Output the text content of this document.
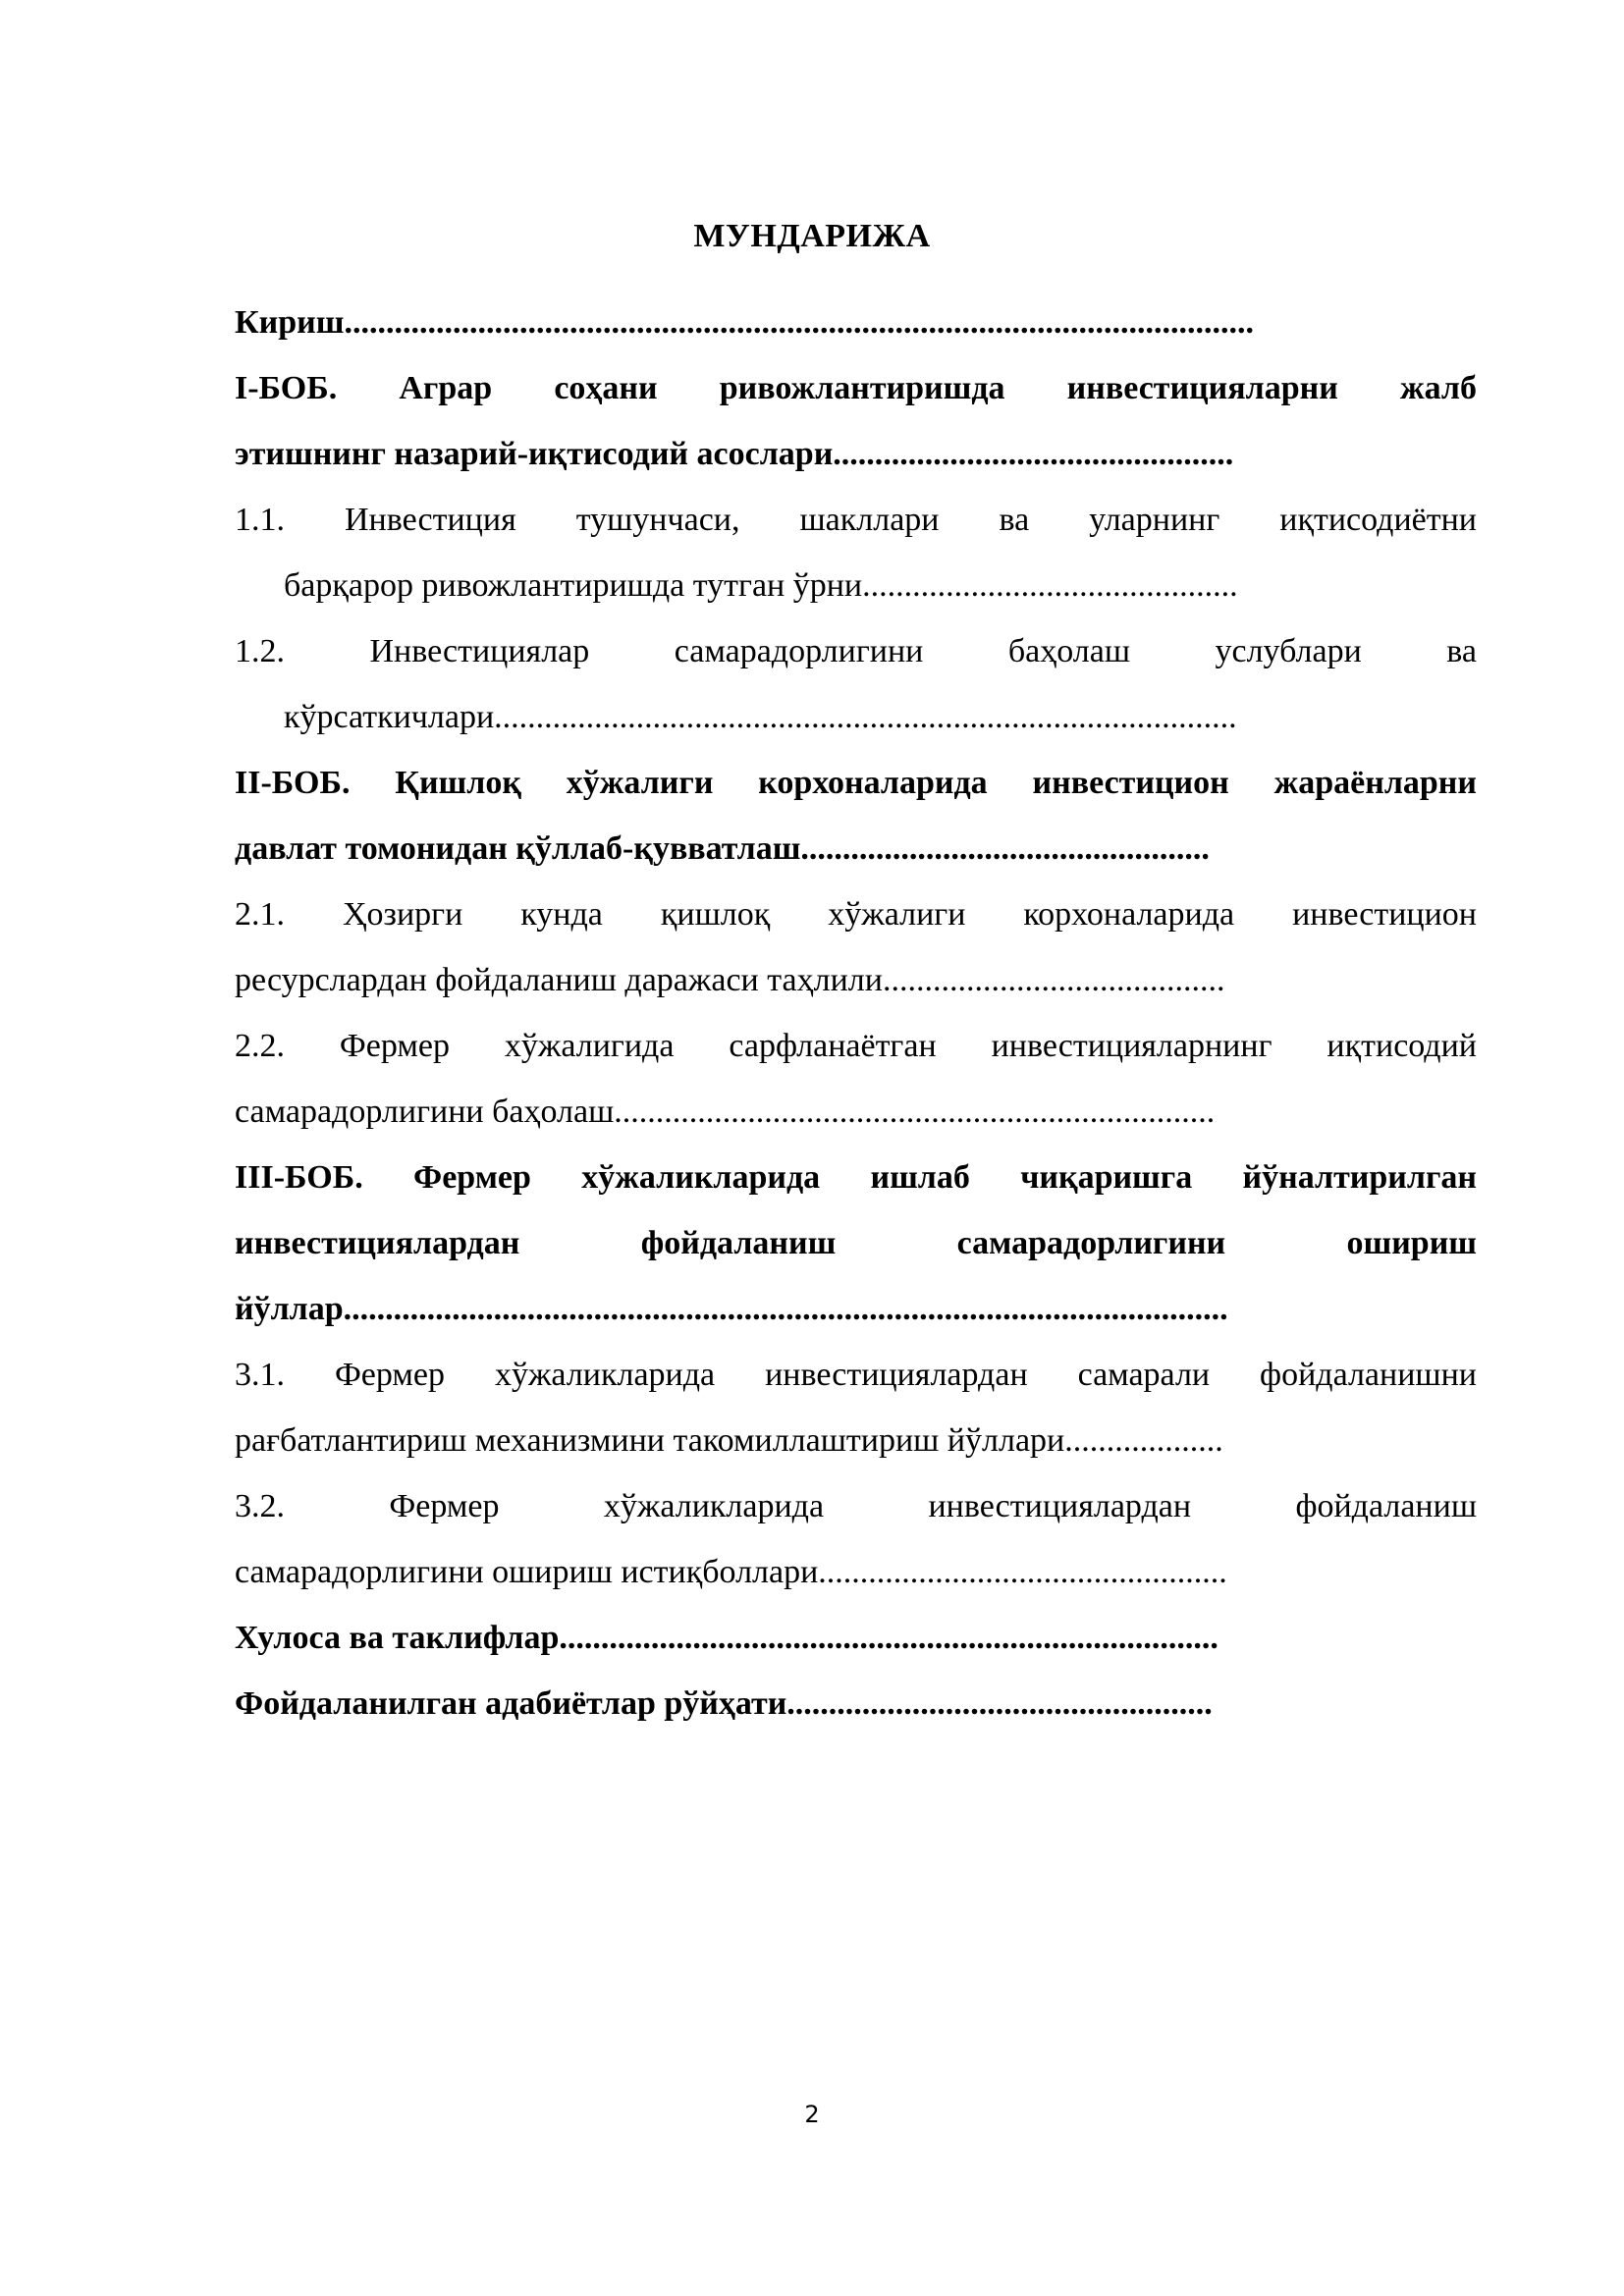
МУНДАРИЖА
Кириш.............................................................................................................
I-БОБ. Аграр соҳани ривожлантиришда инвестицияларни жалб
этишнинг назарий-иқтисодий асослари................................................
1.1. Инвестиция тушунчаси, шакллари ва уларнинг иқтисодиётни
барқарор ривожлантиришда тутган ўрни.............................................
1.2. Инвестициялар самарадорлигини баҳолаш услублари ва
кўрсаткичлари.........................................................................................
II-БОБ. Қишлоқ хўжалиги корхоналарида инвестицион жараёнларни
давлат томонидан қўллаб-қувватлаш.................................................
2.1. Ҳозирги кунда қишлоқ хўжалиги корхоналарида инвестицион
ресурслардан фойдаланиш даражаси таҳлили.........................................
2.2. Фермер хўжалигида сарфланаётган инвестицияларнинг иқтисодий
самарадорлигини баҳолаш........................................................................
III-БОБ. Фермер хўжаликларида ишлаб чиқаришга йўналтирилган
инвестициялардан фойдаланиш самарадорлигини ошириш
йўллар..........................................................................................................
3.1. Фермер хўжаликларида инвестициялардан самарали фойдаланишни
рағбатлантириш механизмини такомиллаштириш йўллари...................
3.2. Фермер хўжаликларида инвестициялардан фойдаланиш
самарадорлигини ошириш истиқболлари.................................................
Хулоса ва таклифлар...............................................................................
Фойдаланилган адабиётлар рўйҳати...................................................
2
